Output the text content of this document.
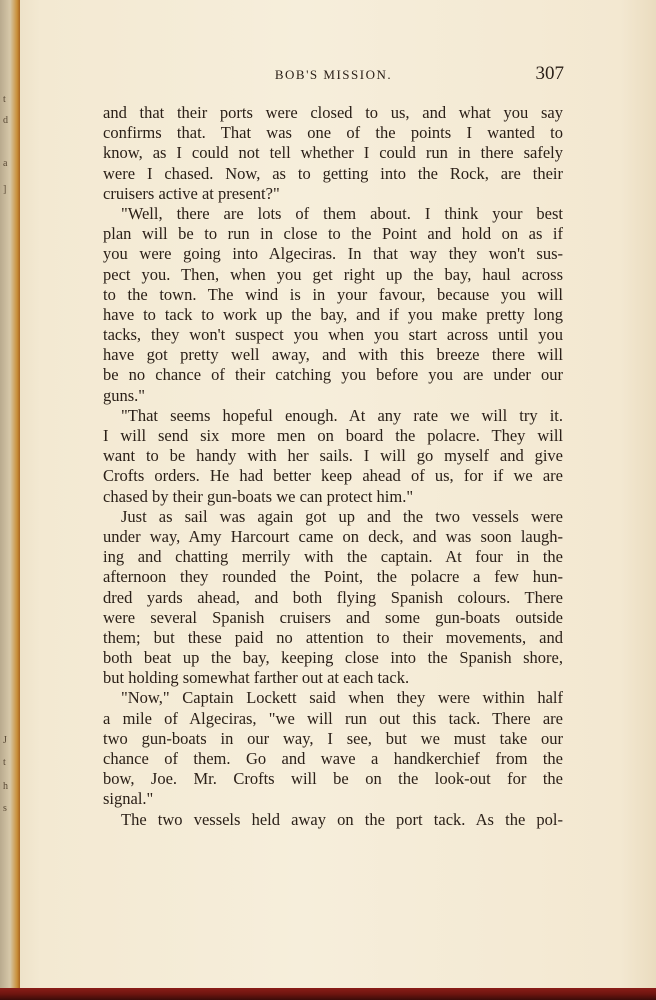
t
d
a
]
J
t
h
s
BOB'S MISSION.	307
and that their ports were closed to us, and what you say
confirms that. That was one of the points I wanted to
know, as I could not tell whether I could run in there safely
were I chased. Now, as to getting into the Rock, are their
cruisers active at present?"
"Well, there are lots of them about. I think your best
plan will be to run in close to the Point and hold on as if
you were going into Algeciras. In that way they won't sus-
pect you. Then, when you get right up the bay, haul across
to the town. The wind is in your favour, because you will
have to tack to work up the bay, and if you make pretty long
tacks, they won't suspect you when you start across until you
have got pretty well away, and with this breeze there will
be no chance of their catching you before you are under our
guns."
"That seems hopeful enough. At any rate we will try it.
I will send six more men on board the polacre. They will
want to be handy with her sails. I will go myself and give
Crofts orders. He had better keep ahead of us, for if we are
chased by their gun-boats we can protect him."
Just as sail was again got up and the two vessels were
under way, Amy Harcourt came on deck, and was soon laugh-
ing and chatting merrily with the captain. At four in the
afternoon they rounded the Point, the polacre a few hun-
dred yards ahead, and both flying Spanish colours. There
were several Spanish cruisers and some gun-boats outside
them; but these paid no attention to their movements, and
both beat up the bay, keeping close into the Spanish shore,
but holding somewhat farther out at each tack.
"Now," Captain Lockett said when they were within half
a mile of Algeciras, "we will run out this tack. There are
two gun-boats in our way, I see, but we must take our
chance of them. Go and wave a handkerchief from the
bow, Joe. Mr. Crofts will be on the look-out for the
signal."
The two vessels held away on the port tack. As the pol-
